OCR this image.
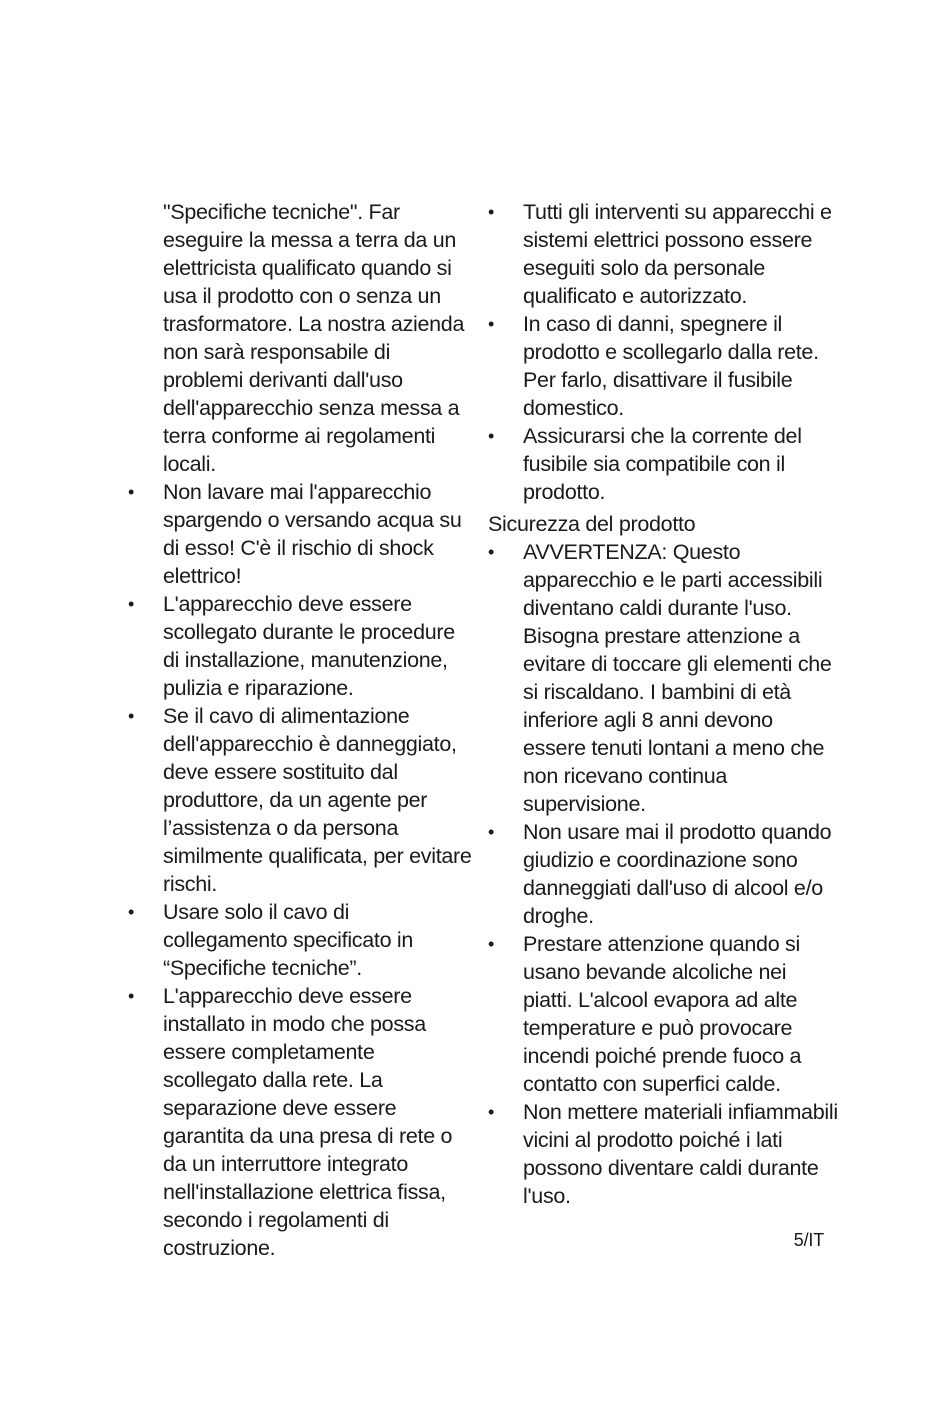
"Specifiche tecniche". Far eseguire la messa a terra da un elettricista qualificato quando si usa il prodotto con o senza un trasformatore. La nostra azienda non sarà responsabile di problemi derivanti dall'uso dell'apparecchio senza messa a terra conforme ai regolamenti locali.

•	Non lavare mai l'apparecchio spargendo o versando acqua su di esso! C'è il rischio di shock elettrico!
•	L'apparecchio deve essere scollegato durante le procedure di installazione, manutenzione, pulizia e riparazione.
•	Se il cavo di alimentazione dell'apparecchio è danneggiato, deve essere sostituito dal produttore, da un agente per l’assistenza o da persona similmente qualificata, per evitare rischi.
•	Usare solo il cavo di collegamento specificato in “Specifiche tecniche”.
•	L'apparecchio deve essere installato in modo che possa essere completamente scollegato dalla rete. La separazione deve essere garantita da una presa di rete o da un interruttore integrato nell'installazione elettrica fissa, secondo i regolamenti di costruzione.
•	Tutti gli interventi su apparecchi e sistemi elettrici possono essere eseguiti solo da personale qualificato e autorizzato.
•	In caso di danni, spegnere il prodotto e scollegarlo dalla rete. Per farlo, disattivare il fusibile domestico.
•	Assicurarsi che la corrente del fusibile sia compatibile con il prodotto.
Sicurezza del prodotto
•	AVVERTENZA: Questo apparecchio e le parti accessibili diventano caldi durante l'uso. Bisogna prestare attenzione a evitare di toccare gli elementi che si riscaldano. I bambini di età inferiore agli 8 anni devono essere tenuti lontani a meno che non ricevano continua supervisione.
•	Non usare mai il prodotto quando giudizio e coordinazione sono danneggiati dall'uso di alcool e/o droghe.
•	Prestare attenzione quando si usano bevande alcoliche nei piatti. L'alcool evapora ad alte temperature e può provocare incendi poiché prende fuoco a contatto con superfici calde.
•	Non mettere materiali infiammabili vicini al prodotto poiché i lati possono diventare caldi durante l'uso.
5/IT
